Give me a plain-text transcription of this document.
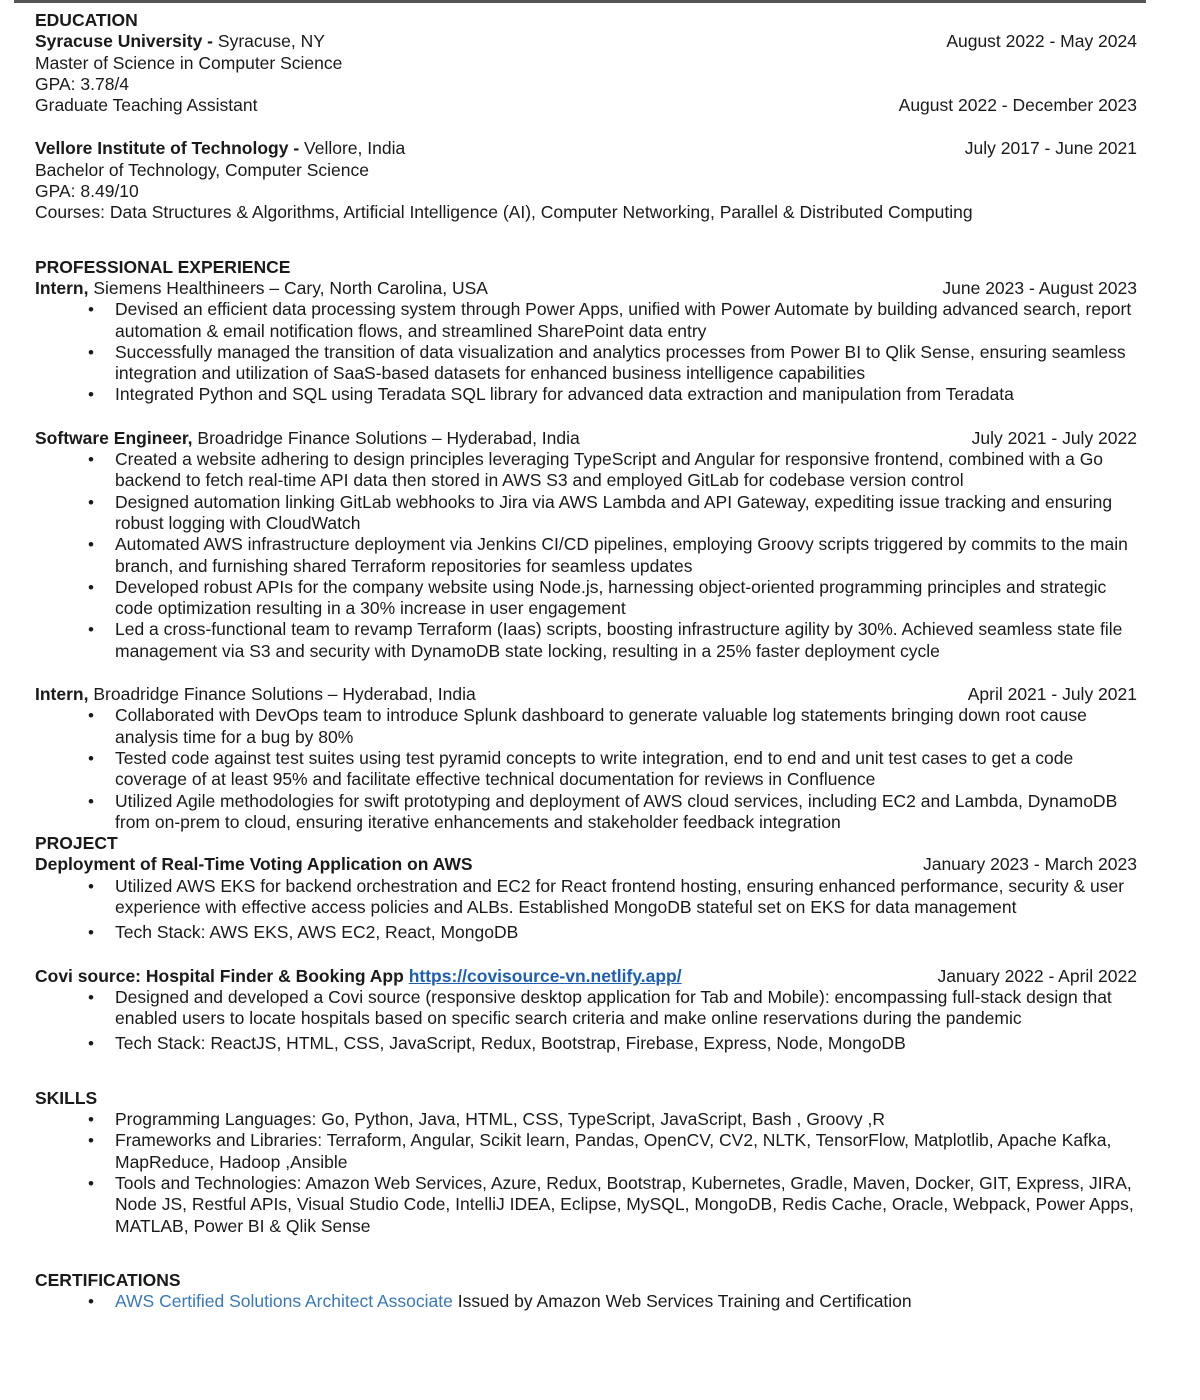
EDUCATION
Syracuse University - Syracuse, NY	August 2022 - May 2024
Master of Science in Computer Science
GPA: 3.78/4
Graduate Teaching Assistant	August 2022 - December 2023
Vellore Institute of Technology - Vellore, India	July 2017 - June 2021
Bachelor of Technology, Computer Science
GPA: 8.49/10
Courses: Data Structures & Algorithms, Artificial Intelligence (AI), Computer Networking, Parallel & Distributed Computing
PROFESSIONAL EXPERIENCE
Intern, Siemens Healthineers – Cary, North Carolina, USA	June 2023 - August 2023
• Devised an efficient data processing system through Power Apps, unified with Power Automate by building advanced search, report automation & email notification flows, and streamlined SharePoint data entry
• Successfully managed the transition of data visualization and analytics processes from Power BI to Qlik Sense, ensuring seamless integration and utilization of SaaS-based datasets for enhanced business intelligence capabilities
• Integrated Python and SQL using Teradata SQL library for advanced data extraction and manipulation from Teradata
Software Engineer, Broadridge Finance Solutions – Hyderabad, India	July 2021 - July 2022
• Created a website adhering to design principles leveraging TypeScript and Angular for responsive frontend, combined with a Go backend to fetch real-time API data then stored in AWS S3 and employed GitLab for codebase version control
• Designed automation linking GitLab webhooks to Jira via AWS Lambda and API Gateway, expediting issue tracking and ensuring robust logging with CloudWatch
• Automated AWS infrastructure deployment via Jenkins CI/CD pipelines, employing Groovy scripts triggered by commits to the main branch, and furnishing shared Terraform repositories for seamless updates
• Developed robust APIs for the company website using Node.js, harnessing object-oriented programming principles and strategic code optimization resulting in a 30% increase in user engagement
• Led a cross-functional team to revamp Terraform (Iaas) scripts, boosting infrastructure agility by 30%. Achieved seamless state file management via S3 and security with DynamoDB state locking, resulting in a 25% faster deployment cycle
Intern, Broadridge Finance Solutions – Hyderabad, India	April 2021 - July 2021
• Collaborated with DevOps team to introduce Splunk dashboard to generate valuable log statements bringing down root cause analysis time for a bug by 80%
• Tested code against test suites using test pyramid concepts to write integration, end to end and unit test cases to get a code coverage of at least 95% and facilitate effective technical documentation for reviews in Confluence
• Utilized Agile methodologies for swift prototyping and deployment of AWS cloud services, including EC2 and Lambda, DynamoDB from on-prem to cloud, ensuring iterative enhancements and stakeholder feedback integration
PROJECT
Deployment of Real-Time Voting Application on AWS	January 2023 - March 2023
• Utilized AWS EKS for backend orchestration and EC2 for React frontend hosting, ensuring enhanced performance, security & user experience with effective access policies and ALBs. Established MongoDB stateful set on EKS for data management
• Tech Stack: AWS EKS, AWS EC2, React, MongoDB
Covi source: Hospital Finder & Booking App https://covisource-vn.netlify.app/	January 2022 - April 2022
• Designed and developed a Covi source (responsive desktop application for Tab and Mobile): encompassing full-stack design that enabled users to locate hospitals based on specific search criteria and make online reservations during the pandemic
• Tech Stack: ReactJS, HTML, CSS, JavaScript, Redux, Bootstrap, Firebase, Express, Node, MongoDB
SKILLS
• Programming Languages: Go, Python, Java, HTML, CSS, TypeScript, JavaScript, Bash , Groovy ,R
• Frameworks and Libraries: Terraform, Angular, Scikit learn, Pandas, OpenCV, CV2, NLTK, TensorFlow, Matplotlib, Apache Kafka, MapReduce, Hadoop ,Ansible
• Tools and Technologies: Amazon Web Services, Azure, Redux, Bootstrap, Kubernetes, Gradle, Maven, Docker, GIT, Express, JIRA, Node JS, Restful APIs, Visual Studio Code, IntelliJ IDEA, Eclipse, MySQL, MongoDB, Redis Cache, Oracle, Webpack, Power Apps, MATLAB, Power BI & Qlik Sense
CERTIFICATIONS
• AWS Certified Solutions Architect Associate Issued by Amazon Web Services Training and Certification
